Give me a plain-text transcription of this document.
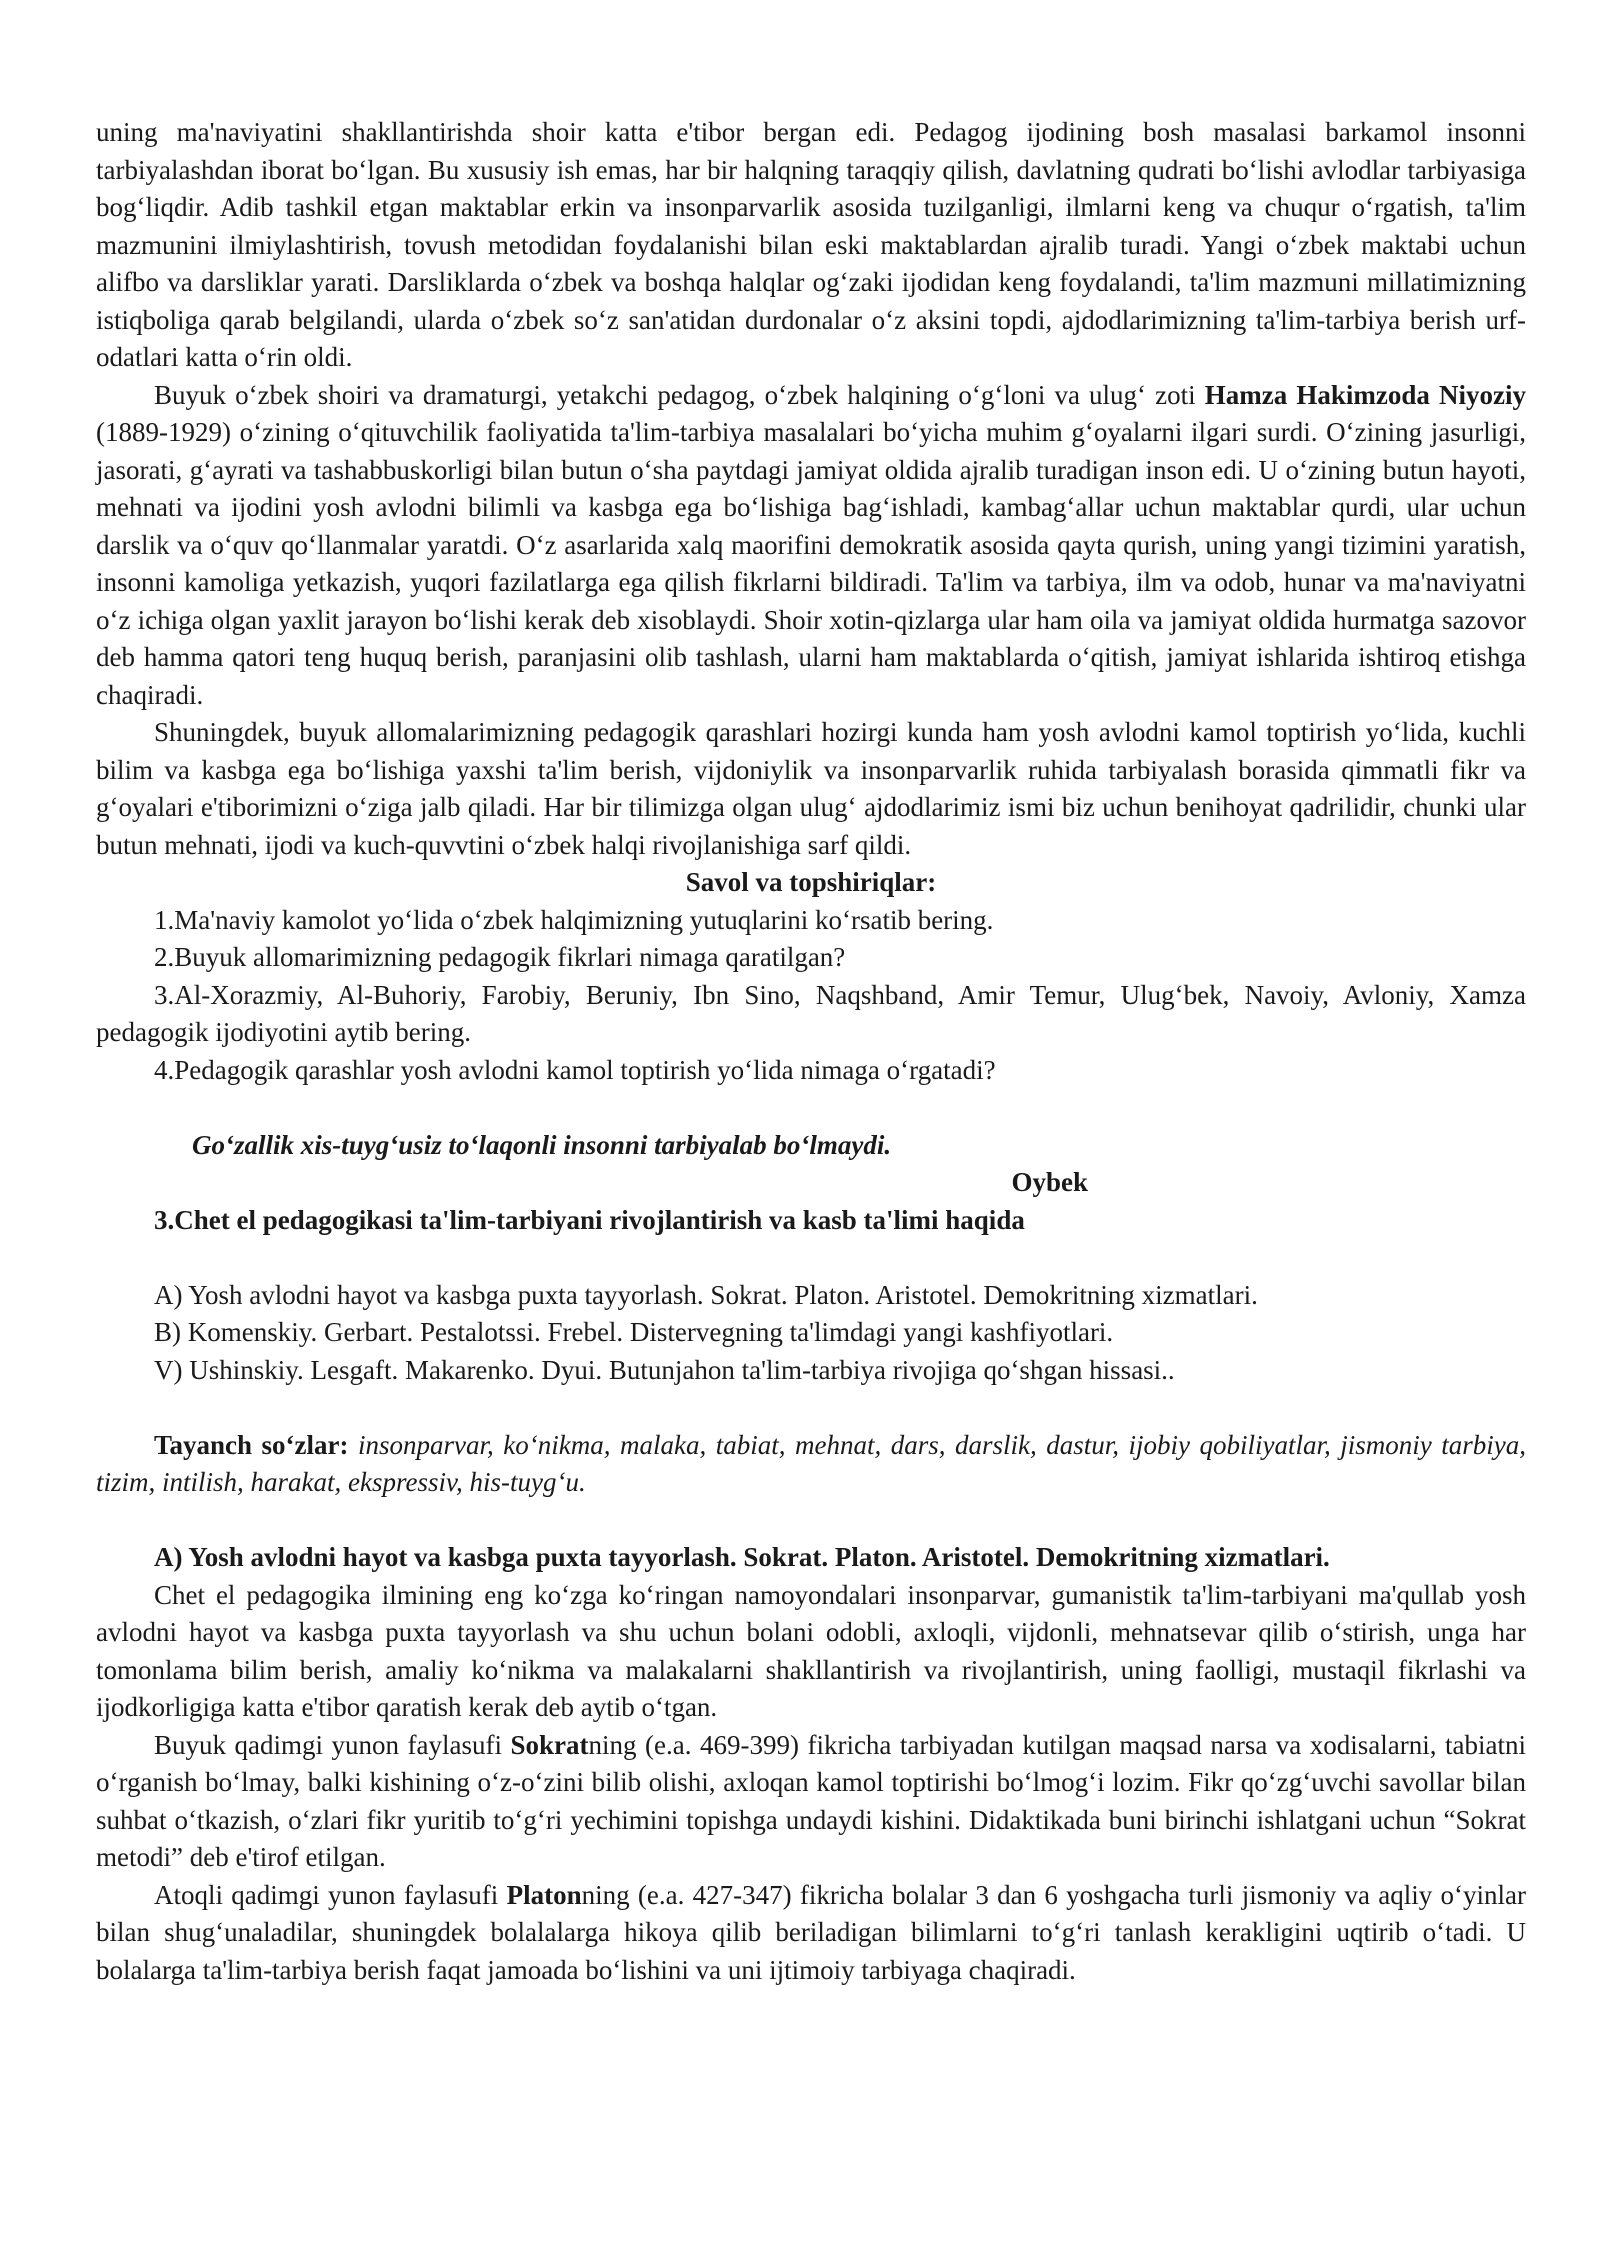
uning ma'naviyatini shakllantirishda shoir katta e'tibor bergan edi. Pedagog ijodining bosh masalasi barkamol insonni tarbiyalashdan iborat bo‘lgan. Bu xususiy ish emas, har bir halqning taraqqiy qilish, davlatning qudrati bo‘lishi avlodlar tarbiyasiga bog‘liqdir. Adib tashkil etgan maktablar erkin va insonparvarlik asosida tuzilganligi, ilmlarni keng va chuqur o‘rgatish, ta'lim mazmunini ilmiylashtirish, tovush metodidan foydalanishi bilan eski maktablardan ajralib turadi. Yangi o‘zbek maktabi uchun alifbo va darsliklar yarati. Darsliklarda o‘zbek va boshqa halqlar og‘zaki ijodidan keng foydalandi, ta'lim mazmuni millatimizning istiqboliga qarab belgilandi, ularda o‘zbek so‘z san'atidan durdonalar o‘z aksini topdi, ajdodlarimizning ta'lim-tarbiya berish urf-odatlari katta o‘rin oldi.

Buyuk o‘zbek shoiri va dramaturgi, yetakchi pedagog, o‘zbek halqining o‘g‘loni va ulug‘ zoti Hamza Hakimzoda Niyoziy (1889-1929) o‘zining o‘qituvchilik faoliyatida ta'lim-tarbiya masalalari bo‘yicha muhim g‘oyalarni ilgari surdi. O‘zining jasurligi, jasorati, g‘ayrati va tashabbuskorligi bilan butun o‘sha paytdagi jamiyat oldida ajralib turadigan inson edi. U o‘zining butun hayoti, mehnati va ijodini yosh avlodni bilimli va kasbga ega bo‘lishiga bag‘ishladi, kambag‘allar uchun maktablar qurdi, ular uchun darslik va o‘quv qo‘llanmalar yaratdi. O‘z asarlarida xalq maorifini demokratik asosida qayta qurish, uning yangi tizimini yaratish, insonni kamoliga yetkazish, yuqori fazilatlarga ega qilish fikrlarni bildiradi. Ta'lim va tarbiya, ilm va odob, hunar va ma'naviyatni o‘z ichiga olgan yaxlit jarayon bo‘lishi kerak deb xisoblaydi. Shoir xotin-qizlarga ular ham oila va jamiyat oldida hurmatga sazovor deb hamma qatori teng huquq berish, paranjasini olib tashlash, ularni ham maktablarda o‘qitish, jamiyat ishlarida ishtiroq etishga chaqiradi.

Shuningdek, buyuk allomalarimizning pedagogik qarashlari hozirgi kunda ham yosh avlodni kamol toptirish yo‘lida, kuchli bilim va kasbga ega bo‘lishiga yaxshi ta'lim berish, vijdoniylik va insonparvarlik ruhida tarbiyalash borasida qimmatli fikr va g‘oyalari e'tiborimizni o‘ziga jalb qiladi. Har bir tilimizga olgan ulug‘ ajdodlarimiz ismi biz uchun benihoyat qadrilidir, chunki ular butun mehnati, ijodi va kuch-quvvtini o‘zbek halqi rivojlanishiga sarf qildi.

Savol va topshiriqlar:

1.Ma'naviy kamolot yo‘lida o‘zbek halqimizning yutuqlarini ko‘rsatib bering.

2.Buyuk allomarimizning pedagogik fikrlari nimaga qaratilgan?

3.Al-Xorazmiy, Al-Buhoriy, Farobiy, Beruniy, Ibn Sino, Naqshband, Amir Temur, Ulug‘bek, Navoiy, Avloniy, Xamza pedagogik ijodiyotini aytib bering.

4.Pedagogik qarashlar yosh avlodni kamol toptirish yo‘lida nimaga o‘rgatadi?

Go‘zallik xis-tuyg‘usiz to‘laqonli insonni tarbiyalab bo‘lmaydi.

Oybek

3.Chet el pedagogikasi ta'lim-tarbiyani rivojlantirish va kasb ta'limi haqida

A) Yosh avlodni hayot va kasbga puxta tayyorlash. Sokrat. Platon. Aristotel. Demokritning xizmatlari.

B) Komenskiy. Gerbart. Pestalotssi. Frebel. Distervegning ta'limdagi yangi kashfiyotlari.

V) Ushinskiy. Lesgaft. Makarenko. Dyui. Butunjahon ta'lim-tarbiya rivojiga qo‘shgan hissasi..

Tayanch so‘zlar: insonparvar, ko‘nikma, malaka, tabiat, mehnat, dars, darslik, dastur, ijobiy qobiliyatlar, jismoniy tarbiya, tizim, intilish, harakat, ekspressiv, his-tuyg‘u.

A) Yosh avlodni hayot va kasbga puxta tayyorlash. Sokrat. Platon. Aristotel. Demokritning xizmatlari.

Chet el pedagogika ilmining eng ko‘zga ko‘ringan namoyondalari insonparvar, gumanistik ta'lim-tarbiyani ma'qullab yosh avlodni hayot va kasbga puxta tayyorlash va shu uchun bolani odobli, axloqli, vijdonli, mehnatsevar qilib o‘stirish, unga har tomonlama bilim berish, amaliy ko‘nikma va malakalarni shakllantirish va rivojlantirish, uning faolligi, mustaqil fikrlashi va ijodkorligiga katta e'tibor qaratish kerak deb aytib o‘tgan.

Buyuk qadimgi yunon faylasufi Sokratning (e.a. 469-399) fikricha tarbiyadan kutilgan maqsad narsa va xodisalarni, tabiatni o‘rganish bo‘lmay, balki kishining o‘z-o‘zini bilib olishi, axloqan kamol toptirishi bo‘lmog‘i lozim. Fikr qo‘zg‘uvchi savollar bilan suhbat o‘tkazish, o‘zlari fikr yuritib to‘g‘ri yechimini topishga undaydi kishini. Didaktikada buni birinchi ishlatgani uchun “Sokrat metodi” deb e'tirof etilgan.

Atoqli qadimgi yunon faylasufi Platonning (e.a. 427-347) fikricha bolalar 3 dan 6 yoshgacha turli jismoniy va aqliy o‘yinlar bilan shug‘unaladilar, shuningdek bolalalarga hikoya qilib beriladigan bilimlarni to‘g‘ri tanlash kerakligini uqtirib o‘tadi. U bolalarga ta'lim-tarbiya berish faqat jamoada bo‘lishini va uni ijtimoiy tarbiyaga chaqiradi.
